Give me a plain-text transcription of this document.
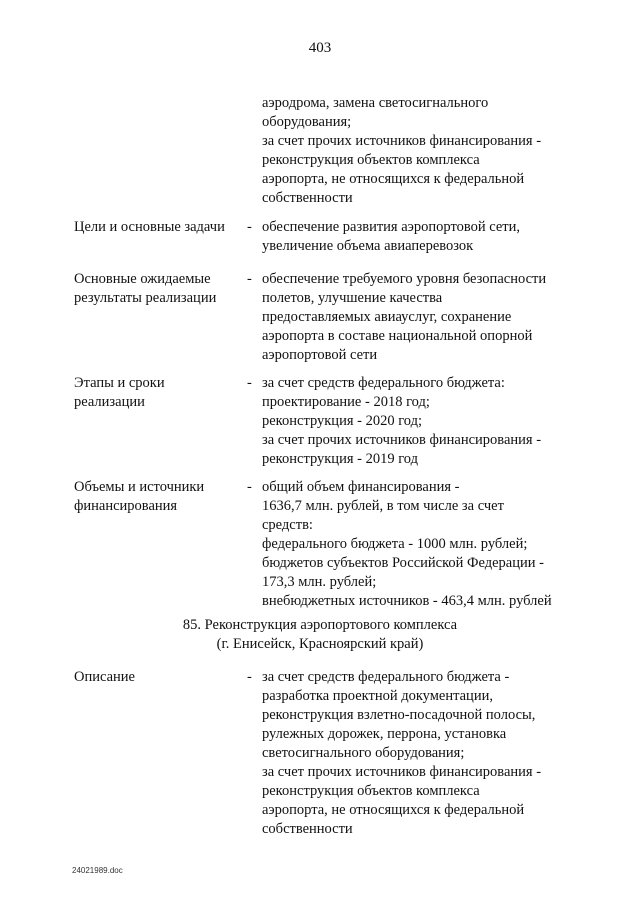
403
аэродрома, замена светосигнального
оборудования;
за счет прочих источников финансирования -
реконструкция объектов комплекса
аэропорта, не относящихся к федеральной
собственности
Цели и основные задачи - обеспечение развития аэропортовой сети,
увеличение объема авиаперевозок
Основные ожидаемые
результаты реализации
- обеспечение требуемого уровня безопасности
полетов, улучшение качества
предоставляемых авиауслуг, сохранение
аэропорта в составе национальной опорной
аэропортовой сети
Этапы и сроки
реализации
- за счет средств федерального бюджета:
проектирование - 2018 год;
реконструкция - 2020 год;
за счет прочих источников финансирования -
реконструкция - 2019 год
Объемы и источники
финансирования
- общий объем финансирования -
1636,7 млн. рублей, в том числе за счет
средств:
федерального бюджета - 1000 млн. рублей;
бюджетов субъектов Российской Федерации -
173,3 млн. рублей;
внебюджетных источников - 463,4 млн. рублей
85. Реконструкция аэропортового комплекса
(г. Енисейск, Красноярский край)
Описание	- за счет средств федерального бюджета -
разработка проектной документации,
реконструкция взлетно-посадочной полосы,
рулежных дорожек, перрона, установка
светосигнального оборудования;
за счет прочих источников финансирования -
реконструкция объектов комплекса
аэропорта, не относящихся к федеральной
собственности
24021989.doc
